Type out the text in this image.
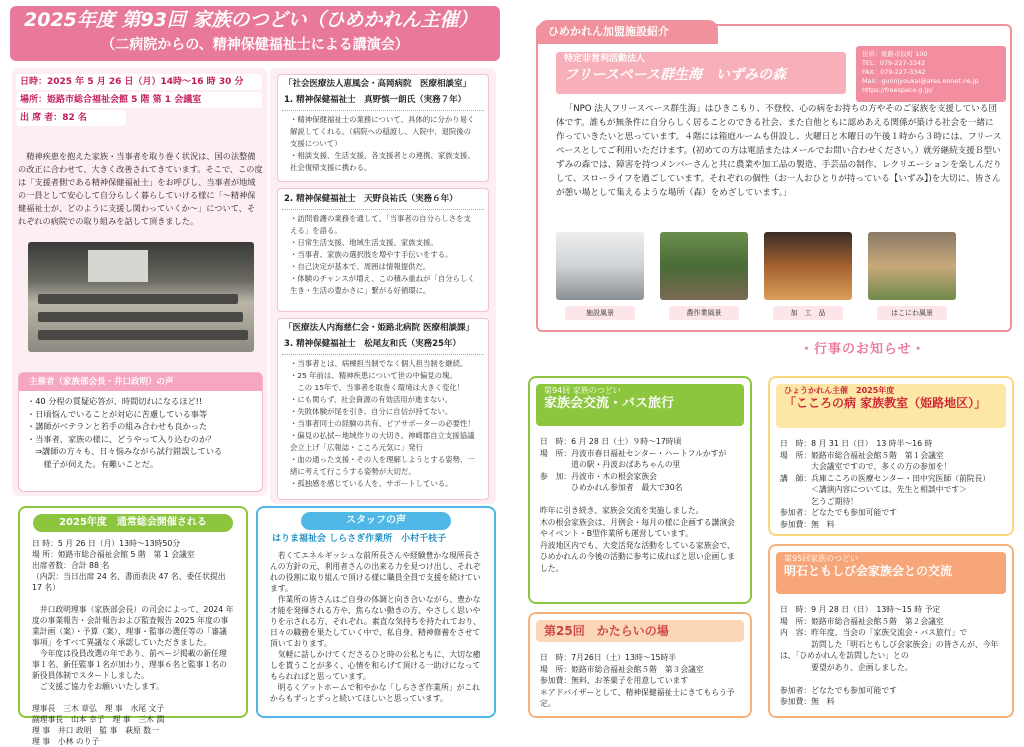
2025年度 第93回 家族のつどい（ひめかれん主催）
（二病院からの、精神保健福祉士による講演会）
日時：2025 年 5 月 26 日（月）14時〜16 時 30 分
場所：姫路市総合福祉会館 5 階 第 1 会議室
出 席 者：82 名
精神疾患を抱えた家族・当事者を取り巻く状況は、国の法整備の改正に合わせて、大きく改善されてきています。そこで、この度は「支援者側である精神保健福祉士」をお呼びし、当事者が地域の一員として安心して自分らしく暮らしていける様に「〜精神保健福祉士が、どのように支援し関わっていくか〜」について、それぞれの病院での取り組みを話して頂きました。
主催者（家族部会長・井口政明）の声
・40 分程の質疑応答が、時間切れになるほど!!
・日頃悩んでいることが対応に苦慮している事等
・講師がベテランと若手の組み合わせも良かった
・当事者、家族の様に、どうやって入り込むのか？
　⇒講師の方々も、日々悩みながら試行錯誤している
　　様子が伺えた。有難いことだ。
「社会医療法人恵風会・高岡病院　医療相談室」
1. 精神保健福祉士　真野慎一朗氏（実務７年）
・精神保健福祉士の業務について、具体的に分かり易く解説してくれる。（病院への穏渡し、入院中、退院後の支援について）
・相談支援、生活支援、各支援者との連携、家族支援、社会復帰支援に携わる。
2. 精神保健福祉士　天野良祐氏（実務６年）
・訪問看護の業務を通して、「当事者の自分らしさを支える」を語る。
・日常生活支援、地域生活支援、家族支援。
・当事者、家族の選択肢を増やす手伝いをする。
・自己決定が基本で、周囲は情報提供だ。
・体験のチャンスが増え、この積み重ねが「自分らしく生き・生活の豊かさに」繋がる好循環に。
「医療法人内海慈仁会・姫路北病院 医療相談課」
3. 精神保健福祉士　松尾友和氏（実務25年）
・当事者とは、病棟担当制でなく個人担当制を継続。
・25 年前は、精神疾患について世の中偏見の塊。
　この 15年で、当事者を取巻く環境は大きく変化！
・にも関らず、社会資源の有効活用が進まない。
・失敗体験が尾を引き、自分に自信が持てない。
・当事者同士の経験の共有、ピアサポーターの必要性！
・偏見の払拭ー地域作りの大切さ。神崎郡自立支援協議会立上げ「広報誌・こころ元気に」発行
・血の通った支援・その人を理解しようとする姿勢、一緒に考えて行こうする姿勢が大切だ。
・孤独感を感じている人を、サポートしている。
2025年度　通常総会開催される
日 時：5 月 26 日（月）13時〜13時50分
場 所：姫路市総合福祉会館 5 階　第 1 会議室
出席者数：合計 88 名
（内訳：当日出席 24 名、書面表決 47 名、委任状提出 17 名）

　井口政明理事（家族部会長）の司会によって、2024 年度の事業報告・会計報告および監査報告 2025 年度の事業計画（案）・予算（案）、理事・監事の選任等の「審議事項」をすべて異議なく承認していただきました。
　今年度は役員改選の年であり、前ページ掲載の新任理事１名、新任監事１名が加わり、理事６名と監事１名の新役員体制でスタートしました。
　ご支援ご協力をお願いいたします。

理事長　三木 章弘　理 事　水尾 文子
副理事長　山本 幸子　理 事　三木 潤
理 事　井口 政明　監 事　萩原 数一
理 事　小林 のり子
スタッフの声
はりま福祉会 しらさぎ作業所　小村千枝子
　若くてエネルギッシュな前所長さんや経験豊かな現所長さんの方針の元、利用者さんの出来る力を見つけ出し、それぞれの役割に取り組んで頂ける様に職員全員で支援を続けています。
　作業所の皆さんはご自身の体調と向き合いながら、豊かな才能を発揮される方や、焦らない動きの方、やさしく思いやりを示される方、それぞれ。素直な気持ちを持たれており、日々の職務を果たしていく中で、私自身、精神修養をさせて頂いております。
　気軽に話しかけてくださるひと時の公私ともに、大切な癒しを貰うことが多く、心情を和らげて頂ける一助けになってもられればと思っています。
　明るくアットホームで和やかな「しらさぎ作業所」がこれからもずっとずっと続いてほしいと思っています。
ひめかれん加盟施設紹介
特定非営利活動法人
フリースペース群生海　いずみの森
住所：姫路市辰町 100
TEL：079-227-3342
FAX：079-227-3342
Mail：gunnjyoukai@ares.eonet.ne.jp
https://freespace-g.jp/
「NPO 法人フリースペース群生海」はひきこもり、不登校、心の病をお持ちの方やそのご家族を支援している団体です。誰もが無条件に自分らしく居ることのできる社会、また自他ともに認めあえる関係が築ける社会を一緒に作っていきたいと思っています。４階には箱庭ルームも併設し、火曜日と木曜日の午後１時から３時には、フリースペースとしてご利用いただけます。(初めての方は電話またはメールでお問い合わせください。）就労継続支援Ｂ型いずみの森では、障害を持つメンバーさんと共に農業や加工品の製造、手芸品の制作、レクリエーションを楽しんだりして、スローライフを過ごしています。それぞれの個性（お一人おひとりが持っている【いずみ】)を大切に、皆さんが憩い場として集えるような場所（森）をめざしています。」
施設風景	農作業風景	加　工　品	はこにわ風景
・行事のお知らせ・
第94回 家族のつどい
家族会交流・バス旅行
日　時：6 月 28 日（土）９時〜17時頃
場　所：丹波市春日福祉センター・ハートフルかすが
　　　　道の駅・丹波おばあちゃんの里
参　加：丹波市・木の根会家族会
　　　　ひめかれん参加者　最大で30名

昨年に引き続き、家族会交流を実施しました。
木の根会家族会は、月例会・毎月の様に企画する講演会やイベント・B型作業所も運営しています。
丹波地区内でも、大変活発な活動をしている家族会で、ひめかれんの今後の活動に参考に成ればと思い企画しました。
第25回　かたらいの場
日　時：7月26日（土）13時〜15時半
場　所：姫路市総合福祉会館５階　第３会議室
参加費：無料、お茶菓子を用意しています
＊アドバイザーとして、精神保健福祉士にきてもらう予定。
ひょうかれん主催　2025年度
「こころの病 家族教室（姫路地区）」
日　時：8 月 31 日（日）　13 時半〜16 時
場　所：姫路市総合福祉会館５階　第１会議室
　　　　大会議室ですので、多くの方の参加を！
講　師：兵庫こころの医療センター・田中究医師（前院長）
　　　　＜講演内容については、先生と相談中です＞
　　　　乞うご期待！
参加者：どなたでも参加可能です
参加費：無　料
第95回家族のつどい
明石ともしび会家族会との交流
日　時：9 月 28 日（日）　13時〜15 時 予定
場　所：姫路市総合福祉会館５階　第２会議室
内　容：昨年度、当会の「家族交流会・バス旅行」で
　　　　訪問した「明石ともしび会家族会」の皆さんが、今年は、「ひめかれんを訪問したい」との
　　　　要望があり、企画しました。

参加者：どなたでも参加可能です
参加費：無　料
